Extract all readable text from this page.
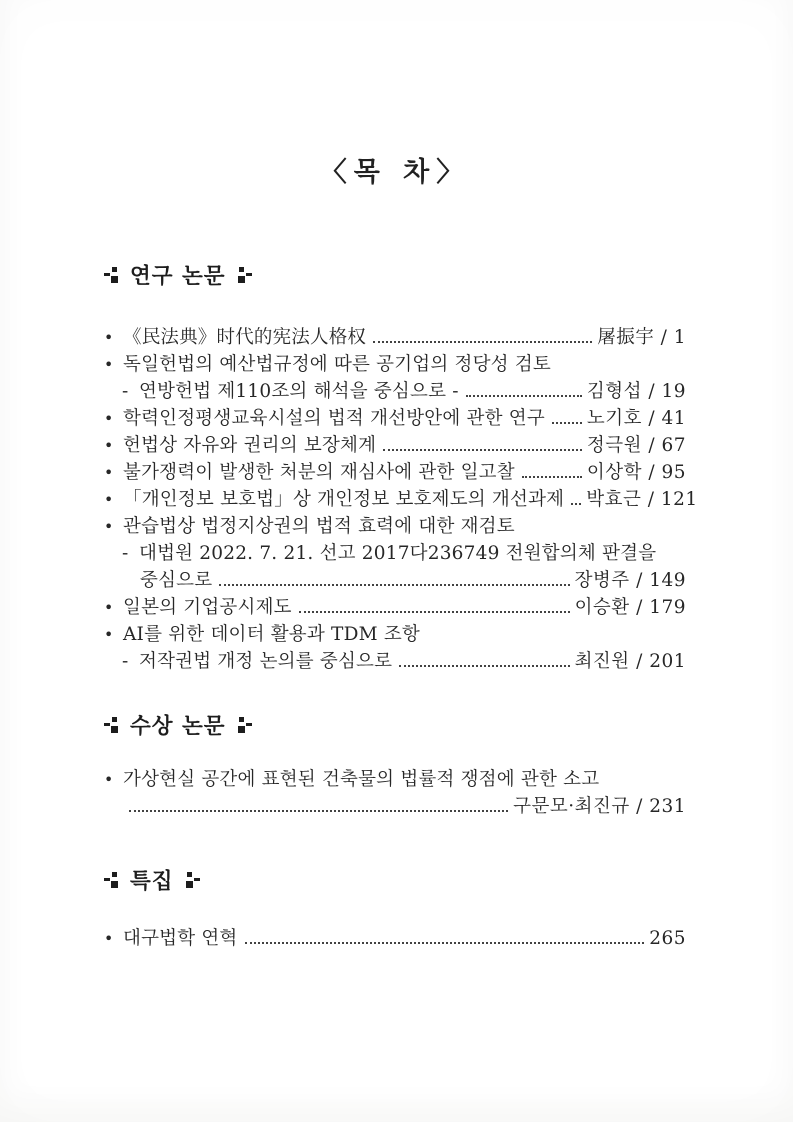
〈목 차〉
연구 논문
• 《民法典》时代的宪法人格权	屠振宇 / 1
• 독일헌법의 예산법규정에 따른 공기업의 정당성 검토
- 연방헌법 제110조의 해석을 중심으로 -	김형섭 / 19
• 학력인정평생교육시설의 법적 개선방안에 관한 연구 노기호 / 41
• 헌법상 자유와 권리의 보장체계	정극원 / 67
• 불가쟁력이 발생한 처분의 재심사에 관한 일고찰	이상학 / 95
• 「개인정보 보호법」상 개인정보 보호제도의 개선과제 박효근 / 121
• 관습법상 법정지상권의 법적 효력에 대한 재검토
- 대법원 2022. 7. 21. 선고 2017다236749 전원합의체 판결을
중심으로	장병주 / 149
• 일본의 기업공시제도	이승환 / 179
• AI를 위한 데이터 활용과 TDM 조항
- 저작권법 개정 논의를 중심으로	최진원 / 201
수상 논문
• 가상현실 공간에 표현된 건축물의 법률적 쟁점에 관한 소고
구문모·최진규 / 231
특집
• 대구법학 연혁	265
